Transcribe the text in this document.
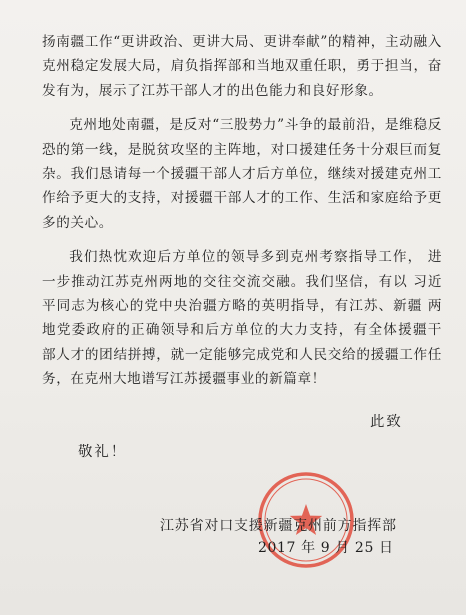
扬南疆工作“更讲政治、更讲大局、更讲奉献”的精神，主动融入 克州稳定发展大局，肩负指挥部和当地双重任职，勇于担当，奋 发有为，展示了江苏干部人才的出色能力和良好形象。

克州地处南疆，是反对“三股势力”斗争的最前沿，是维稳反 恐的第一线，是脱贫攻坚的主阵地，对口援建任务十分艰巨而复 杂。我们恳请每一个援疆干部人才后方单位，继续对援建克州工 作给予更大的支持，对援疆干部人才的工作、生活和家庭给予更 多的关心。

我们热忱欢迎后方单位的领导多到克州考察指导工作， 进一步推动江苏克州两地的交往交流交融。我们坚信，有以 习近平同志为核心的党中央治疆方略的英明指导，有江苏、新疆 两地党委政府的正确领导和后方单位的大力支持，有全体援疆干 部人才的团结拼搏，就一定能够完成党和人民交给的援疆工作任 务，在克州大地谱写江苏援疆事业的新篇章！

此致
敬礼！
江苏省对口支援新疆克州前方指挥部
2017 年 9 月 25 日
